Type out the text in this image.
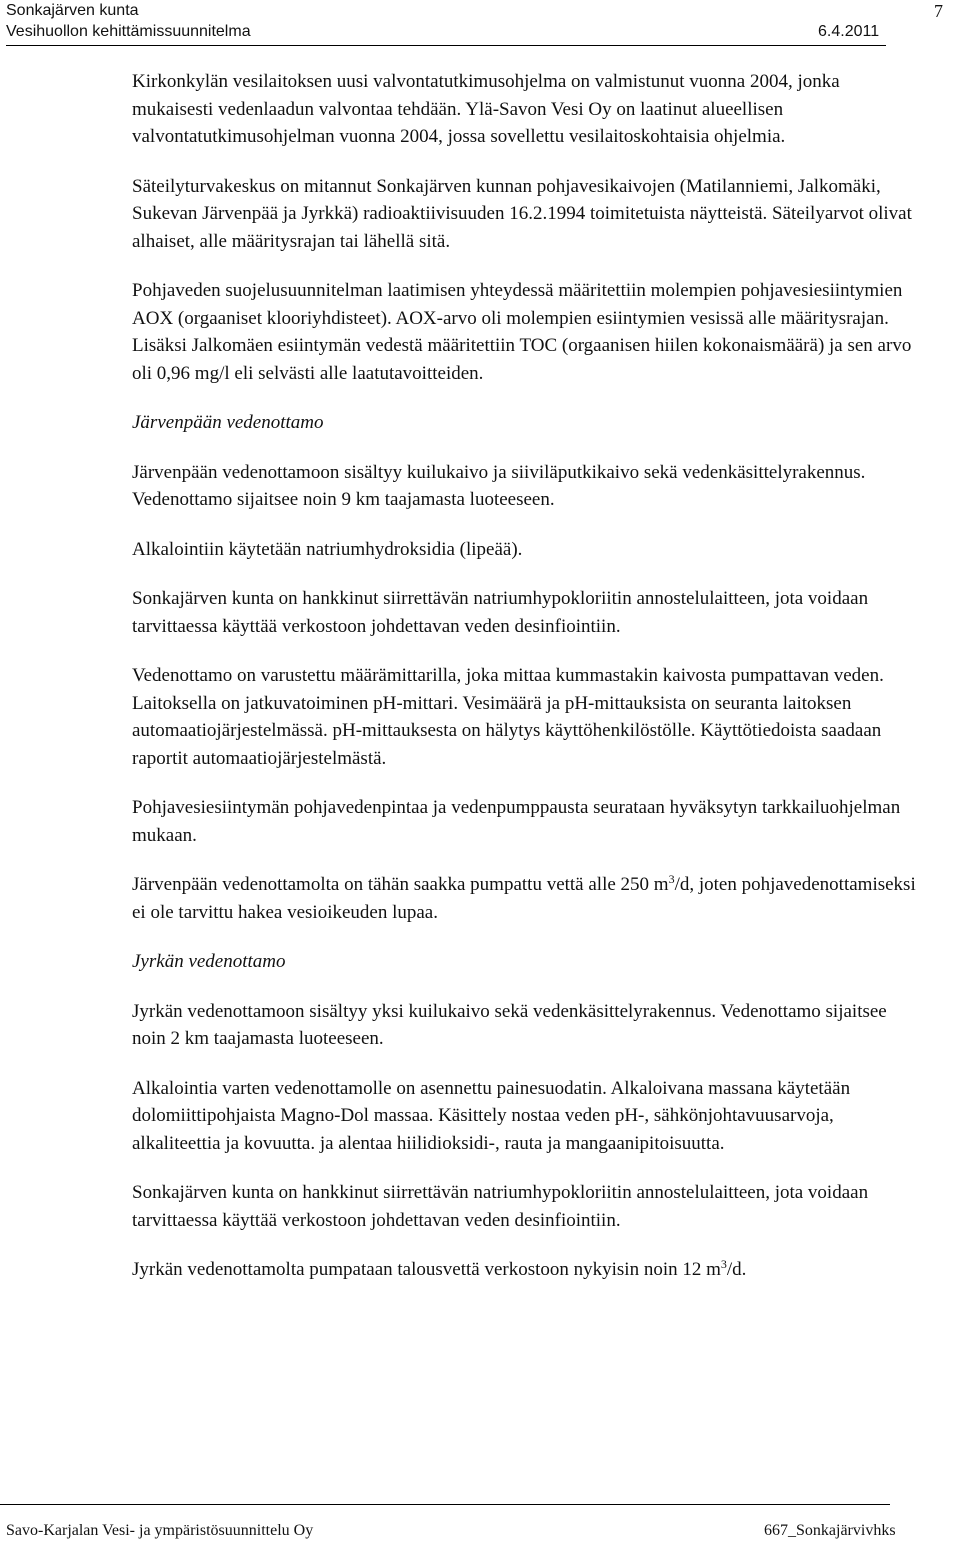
Sonkajärven kunta
Vesihuollon kehittämissuunnitelma	6.4.2011
7

Kirkonkylän vesilaitoksen uusi valvontatutkimusohjelma on valmistunut vuonna 2004, jonka mukaisesti vedenlaadun valvontaa tehdään. Ylä-Savon Vesi Oy on laatinut alueellisen valvontatutkimusohjelman vuonna 2004, jossa sovellettu vesilaitoskohtaisia ohjelmia.

Säteilyturvakeskus on mitannut Sonkajärven kunnan pohjavesikaivojen (Matilanniemi, Jalkomäki, Sukevan Järvenpää ja Jyrkkä) radioaktiivisuuden 16.2.1994 toimitetuista näytteistä. Säteilyarvot olivat alhaiset, alle määritysrajan tai lähellä sitä.

Pohjaveden suojelusuunnitelman laatimisen yhteydessä määritettiin molempien pohjavesiesiintymien AOX (orgaaniset klooriyhdisteet). AOX-arvo oli molempien esiintymien vesissä alle määritysrajan. Lisäksi Jalkomäen esiintymän vedestä määritettiin TOC (orgaanisen hiilen kokonaismäärä) ja sen arvo oli 0,96 mg/l eli selvästi alle laatutavoitteiden.

Järvenpään vedenottamo

Järvenpään vedenottamoon sisältyy kuilukaivo ja siiviläputkikaivo sekä vedenkäsittelyrakennus. Vedenottamo sijaitsee noin 9 km taajamasta luoteeseen.

Alkalointiin käytetään natriumhydroksidia (lipeää).

Sonkajärven kunta on hankkinut siirrettävän natriumhypokloriitin annostelulaitteen, jota voidaan tarvittaessa käyttää verkostoon johdettavan veden desinfiointiin.

Vedenottamo on varustettu määrämittarilla, joka mittaa kummastakin kaivosta pumpattavan veden. Laitoksella on jatkuvatoiminen pH-mittari. Vesimäärä ja pH-mittauksista on seuranta laitoksen automaatiojärjestelmässä. pH-mittauksesta on hälytys käyttöhenkilöstölle. Käyttötiedoista saadaan raportit automaatiojärjestelmästä.

Pohjavesiesiintymän pohjavedenpintaa ja vedenpumppausta seurataan hyväksytyn tarkkailuohjelman mukaan.

Järvenpään vedenottamolta on tähän saakka pumpattu vettä alle 250 $m^3/d$, joten pohjavedenottamiseksi ei ole tarvittu hakea vesioikeuden lupaa.

Jyrkän vedenottamo

Jyrkän vedenottamoon sisältyy yksi kuilukaivo sekä vedenkäsittelyrakennus. Vedenottamo sijaitsee noin 2 km taajamasta luoteeseen.

Alkalointia varten vedenottamolle on asennettu painesuodatin. Alkaloivana massana käytetään dolomiittipohjaista Magno-Dol massaa. Käsittely nostaa veden pH-, sähkönjohtavuusarvoja, alkaliteettia ja kovuutta. ja alentaa hiilidioksidi-, rauta ja mangaanipitoisuutta.

Sonkajärven kunta on hankkinut siirrettävän natriumhypokloriitin annostelulaitteen, jota voidaan tarvittaessa käyttää verkostoon johdettavan veden desinfiointiin.

Jyrkän vedenottamolta pumpataan talousvettä verkostoon nykyisin noin 12 $m^3/d$.

Savo-Karjalan Vesi- ja ympäristösuunnittelu Oy	667_Sonkajärvivhks
